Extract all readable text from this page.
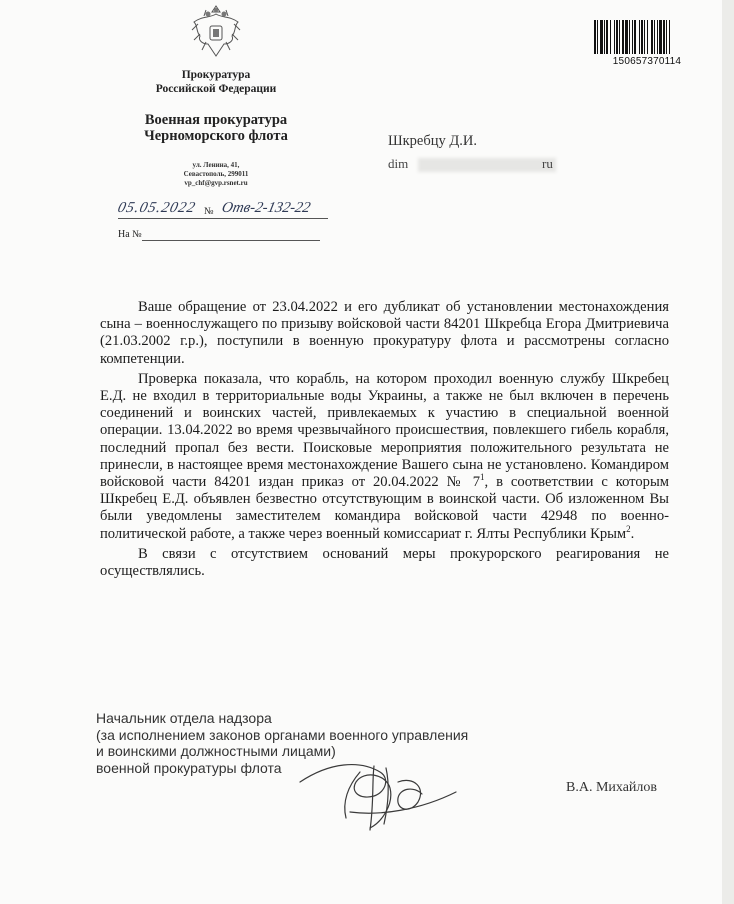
Прокуратура
Российской Федерации
Военная прокуратура
Черноморского флота
ул. Ленина, 41,
Севастополь, 299011
vp_chf@gvp.rsnet.ru
05.05.2022 № Отв-2-132-22
На №
150657370114
Шкребцу Д.И.
dim	ru

Ваше обращение от 23.04.2022 и его дубликат об установлении местонахождения сына – военнослужащего по призыву войсковой части 84201 Шкребца Егора Дмитриевича (21.03.2002 г.р.), поступили в военную прокуратуру флота и рассмотрены согласно компетенции.

Проверка показала, что корабль, на котором проходил военную службу Шкребец Е.Д. не входил в территориальные воды Украины, а также не был включен в перечень соединений и воинских частей, привлекаемых к участию в специальной военной операции. 13.04.2022 во время чрезвычайного происшествия, повлекшего гибель корабля, последний пропал без вести. Поисковые мероприятия положительного результата не принесли, в настоящее время местонахождение Вашего сына не установлено. Командиром войсковой части 84201 издан приказ от 20.04.2022 № $7^1$, в соответствии с которым Шкребец Е.Д. объявлен безвестно отсутствующим в воинской части. Об изложенном Вы были уведомлены заместителем командира войсковой части 42948 по военно-политической работе, а также через военный комиссариат г. Ялты Республики Крым$^2$.

В связи с отсутствием оснований меры прокурорского реагирования не осуществлялись.

Начальник отдела надзора
(за исполнением законов органами военного управления
и воинскими должностными лицами)
военной прокуратуры флота
В.А. Михайлов
